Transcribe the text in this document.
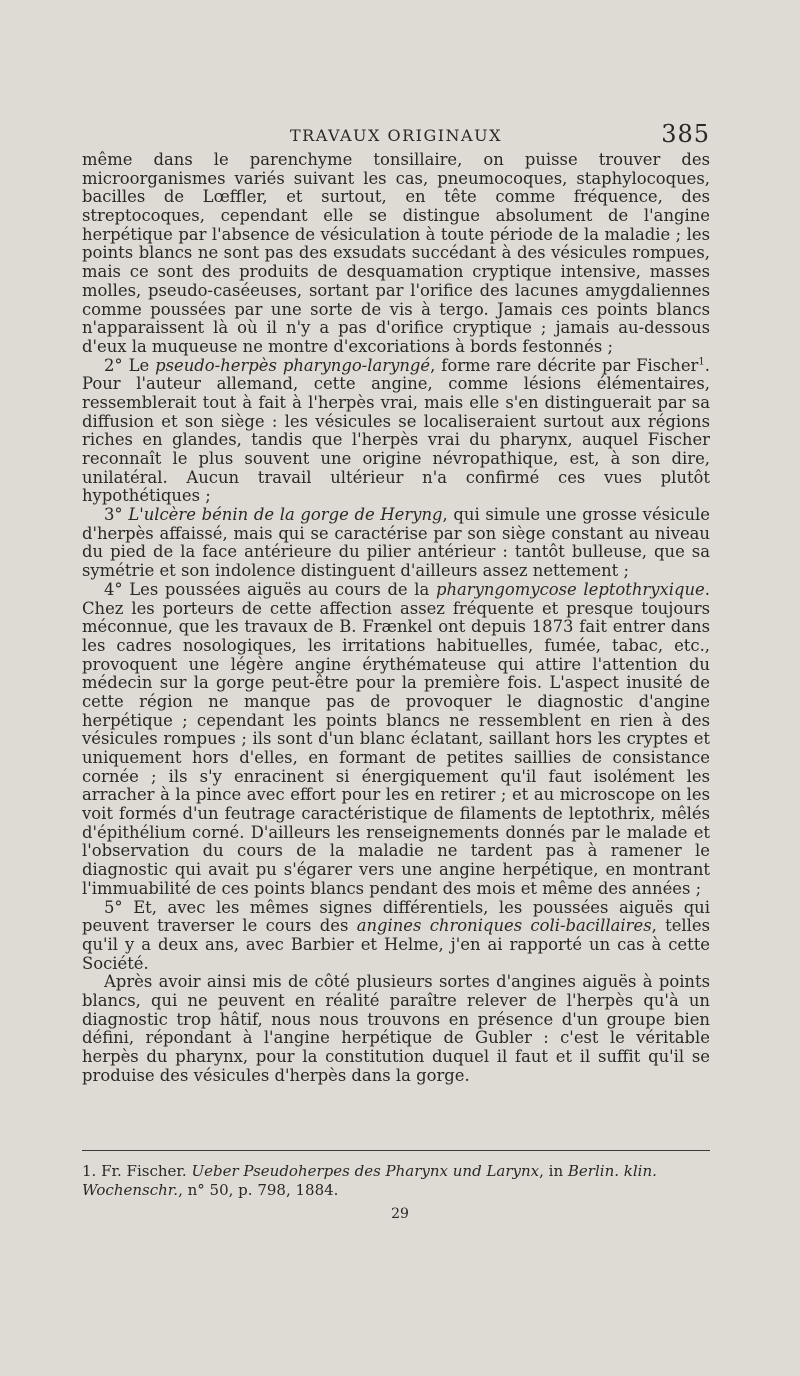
TRAVAUX ORIGINAUX	385

même dans le parenchyme tonsillaire, on puisse trouver des microorganismes variés suivant les cas, pneumocoques, staphylocoques, bacilles de Lœffler, et surtout, en tête comme fréquence, des streptocoques, cependant elle se distingue absolument de l'angine herpétique par l'absence de vésiculation à toute période de la maladie ; les points blancs ne sont pas des exsudats succédant à des vésicules rompues, mais ce sont des produits de desquamation cryptique intensive, masses molles, pseudo-caséeuses, sortant par l'orifice des lacunes amygdaliennes comme poussées par une sorte de vis à tergo. Jamais ces points blancs n'apparaissent là où il n'y a pas d'orifice cryptique ; jamais au-dessous d'eux la muqueuse ne montre d'excoriations à bords festonnés ;

2° Le pseudo-herpès pharyngo-laryngé, forme rare décrite par Fischer$^1$. Pour l'auteur allemand, cette angine, comme lésions élémentaires, ressemblerait tout à fait à l'herpès vrai, mais elle s'en distinguerait par sa diffusion et son siège : les vésicules se localiseraient surtout aux régions riches en glandes, tandis que l'herpès vrai du pharynx, auquel Fischer reconnaît le plus souvent une origine névropathique, est, à son dire, unilatéral. Aucun travail ultérieur n'a confirmé ces vues plutôt hypothétiques ;

3° L'ulcère bénin de la gorge de Heryng, qui simule une grosse vésicule d'herpès affaissé, mais qui se caractérise par son siège constant au niveau du pied de la face antérieure du pilier antérieur : tantôt bulleuse, que sa symétrie et son indolence distinguent d'ailleurs assez nettement ;

4° Les poussées aiguës au cours de la pharyngomycose leptothryxique. Chez les porteurs de cette affection assez fréquente et presque toujours méconnue, que les travaux de B. Frænkel ont depuis 1873 fait entrer dans les cadres nosologiques, les irritations habituelles, fumée, tabac, etc., provoquent une légère angine érythémateuse qui attire l'attention du médecin sur la gorge peut-être pour la première fois. L'aspect inusité de cette région ne manque pas de provoquer le diagnostic d'angine herpétique ; cependant les points blancs ne ressemblent en rien à des vésicules rompues ; ils sont d'un blanc éclatant, saillant hors les cryptes et uniquement hors d'elles, en formant de petites saillies de consistance cornée ; ils s'y enracinent si énergiquement qu'il faut isolément les arracher à la pince avec effort pour les en retirer ; et au microscope on les voit formés d'un feutrage caractéristique de filaments de leptothrix, mêlés d'épithélium corné. D'ailleurs les renseignements donnés par le malade et l'observation du cours de la maladie ne tardent pas à ramener le diagnostic qui avait pu s'égarer vers une angine herpétique, en montrant l'immuabilité de ces points blancs pendant des mois et même des années ;

5° Et, avec les mêmes signes différentiels, les poussées aiguës qui peuvent traverser le cours des angines chroniques coli-bacillaires, telles qu'il y a deux ans, avec Barbier et Helme, j'en ai rapporté un cas à cette Société.

Après avoir ainsi mis de côté plusieurs sortes d'angines aiguës à points blancs, qui ne peuvent en réalité paraître relever de l'herpès qu'à un diagnostic trop hâtif, nous nous trouvons en présence d'un groupe bien défini, répondant à l'angine herpétique de Gubler : c'est le véritable herpès du pharynx, pour la constitution duquel il faut et il suffit qu'il se produise des vésicules d'herpès dans la gorge.

1. Fr. Fischer. Ueber Pseudoherpes des Pharynx und Larynx, in Berlin. klin. Wochenschr., n° 50, p. 798, 1884.
29
